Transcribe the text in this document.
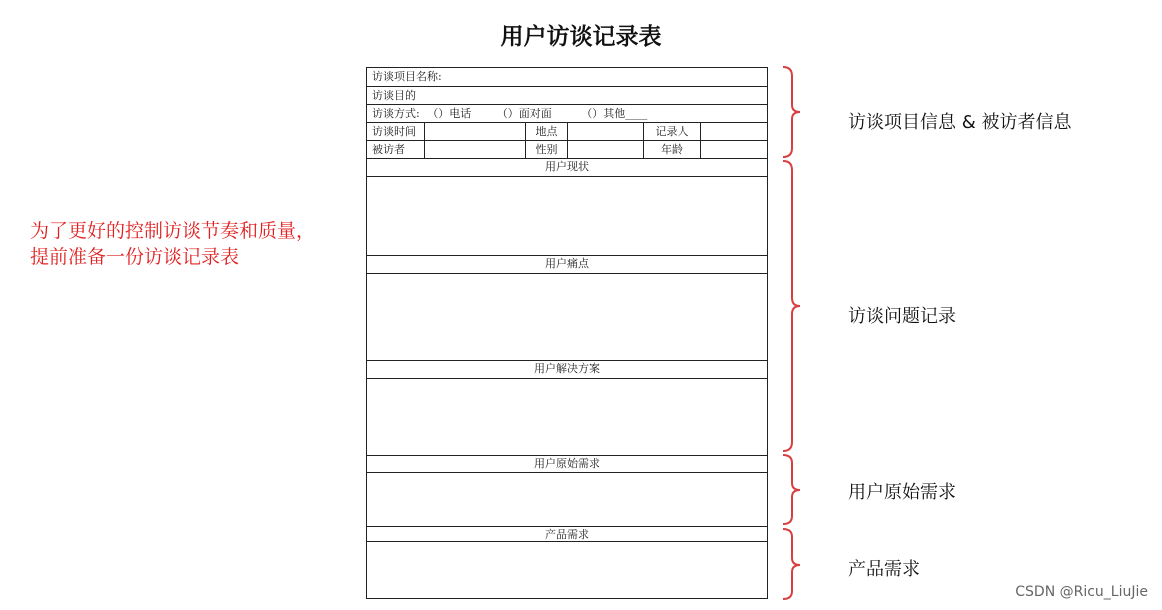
用户访谈记录表
为了更好的控制访谈节奏和质量，提前准备一份访谈记录表
访谈项目名称:
访谈目的
访谈方式: （）电话 （）面对面	（）其他____
访谈时间	地点	记录人
被访者	性别	年龄
用户现状
用户痛点
用户解决方案
用户原始需求
产品需求
访谈项目信息 & 被访者信息
访谈问题记录
用户原始需求
产品需求
CSDN @Ricu_LiuJie
